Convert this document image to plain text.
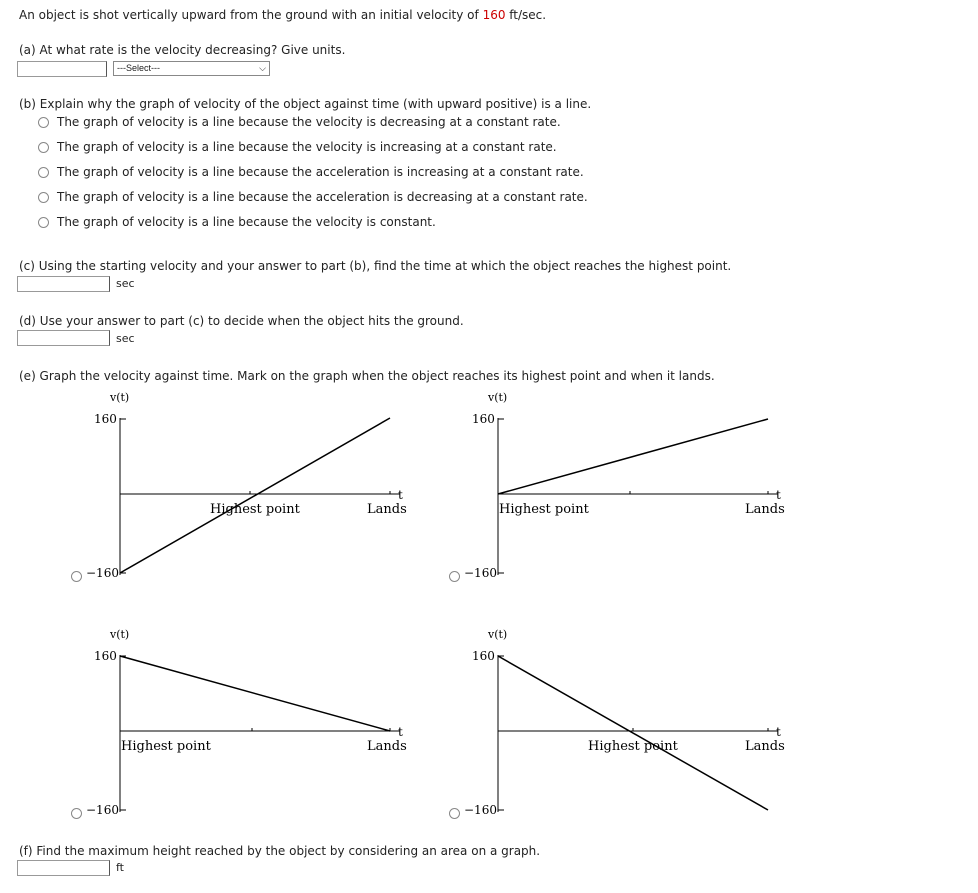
An object is shot vertically upward from the ground with an initial velocity of 160 ft/sec.
(a) At what rate is the velocity decreasing? Give units.
---Select---	⌵
(b) Explain why the graph of velocity of the object against time (with upward positive) is a line.
The graph of velocity is a line because the velocity is decreasing at a constant rate.
The graph of velocity is a line because the velocity is increasing at a constant rate.
The graph of velocity is a line because the acceleration is increasing at a constant rate.
The graph of velocity is a line because the acceleration is decreasing at a constant rate.
The graph of velocity is a line because the velocity is constant.
(c) Using the starting velocity and your answer to part (b), find the time at which the object reaches the highest point.
sec
(d) Use your answer to part (c) to decide when the object hits the ground.
sec
(e) Graph the velocity against time. Mark on the graph when the object reaches its highest point and when it lands.
v(t)
160
−160
t
Highest point	Lands
v(t)
160
−160
t
Highest point	Lands
v(t)
160
−160
t
Highest point	Lands
v(t)
160
−160
t
Highest point	Lands
(f) Find the maximum height reached by the object by considering an area on a graph.
ft
